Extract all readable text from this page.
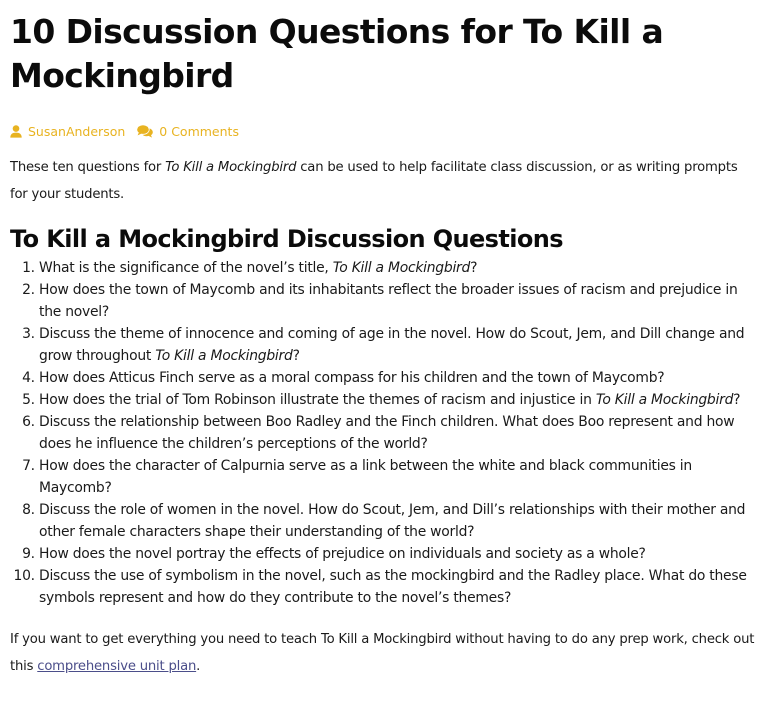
10 Discussion Questions for To Kill a Mockingbird
SusanAnderson	0 Comments

These ten questions for To Kill a Mockingbird can be used to help facilitate class discussion, or as writing prompts for your students.

To Kill a Mockingbird Discussion Questions
1. What is the significance of the novel’s title, To Kill a Mockingbird?
2. How does the town of Maycomb and its inhabitants reflect the broader issues of racism and prejudice in the novel?
3. Discuss the theme of innocence and coming of age in the novel. How do Scout, Jem, and Dill change and grow throughout To Kill a Mockingbird?
4. How does Atticus Finch serve as a moral compass for his children and the town of Maycomb?
5. How does the trial of Tom Robinson illustrate the themes of racism and injustice in To Kill a Mockingbird?
6. Discuss the relationship between Boo Radley and the Finch children. What does Boo represent and how does he influence the children’s perceptions of the world?
7. How does the character of Calpurnia serve as a link between the white and black communities in Maycomb?
8. Discuss the role of women in the novel. How do Scout, Jem, and Dill’s relationships with their mother and other female characters shape their understanding of the world?
9. How does the novel portray the effects of prejudice on individuals and society as a whole?
10. Discuss the use of symbolism in the novel, such as the mockingbird and the Radley place. What do these symbols represent and how do they contribute to the novel’s themes?

If you want to get everything you need to teach To Kill a Mockingbird without having to do any prep work, check out this comprehensive unit plan.
